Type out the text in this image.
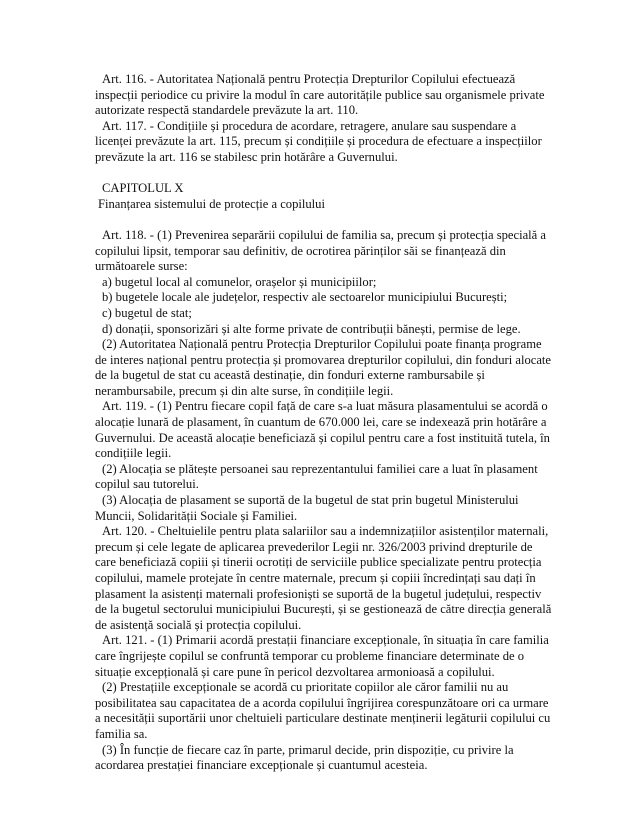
Art. 116. - Autoritatea Națională pentru Protecția Drepturilor Copilului efectuează inspecții periodice cu privire la modul în care autoritățile publice sau organismele private autorizate respectă standardele prevăzute la art. 110.

Art. 117. - Condițiile și procedura de acordare, retragere, anulare sau suspendare a licenței prevăzute la art. 115, precum și condițiile și procedura de efectuare a inspecțiilor prevăzute la art. 116 se stabilesc prin hotărâre a Guvernului.

CAPITOLUL X

Finanțarea sistemului de protecție a copilului

Art. 118. - (1) Prevenirea separării copilului de familia sa, precum și protecția specială a copilului lipsit, temporar sau definitiv, de ocrotirea părinților săi se finanțează din următoarele surse:

a) bugetul local al comunelor, orașelor și municipiilor;

b) bugetele locale ale județelor, respectiv ale sectoarelor municipiului București;

c) bugetul de stat;

d) donații, sponsorizări și alte forme private de contribuții bănești, permise de lege.

(2) Autoritatea Națională pentru Protecția Drepturilor Copilului poate finanța programe de interes național pentru protecția și promovarea drepturilor copilului, din fonduri alocate de la bugetul de stat cu această destinație, din fonduri externe rambursabile și nerambursabile, precum și din alte surse, în condițiile legii.

Art. 119. - (1) Pentru fiecare copil față de care s-a luat măsura plasamentului se acordă o alocație lunară de plasament, în cuantum de 670.000 lei, care se indexează prin hotărâre a Guvernului. De această alocație beneficiază și copilul pentru care a fost instituită tutela, în condițiile legii.

(2) Alocația se plătește persoanei sau reprezentantului familiei care a luat în plasament copilul sau tutorelui.

(3) Alocația de plasament se suportă de la bugetul de stat prin bugetul Ministerului Muncii, Solidarității Sociale și Familiei.

Art. 120. - Cheltuielile pentru plata salariilor sau a indemnizațiilor asistenților maternali, precum și cele legate de aplicarea prevederilor Legii nr. 326/2003 privind drepturile de care beneficiază copiii și tinerii ocrotiți de serviciile publice specializate pentru protecția copilului, mamele protejate în centre maternale, precum și copiii încredințați sau dați în plasament la asistenți maternali profesioniști se suportă de la bugetul județului, respectiv de la bugetul sectorului municipiului București, și se gestionează de către direcția generală de asistență socială și protecția copilului.

Art. 121. - (1) Primarii acordă prestații financiare excepționale, în situația în care familia care îngrijește copilul se confruntă temporar cu probleme financiare determinate de o situație excepțională și care pune în pericol dezvoltarea armonioasă a copilului.

(2) Prestațiile excepționale se acordă cu prioritate copiilor ale căror familii nu au posibilitatea sau capacitatea de a acorda copilului îngrijirea corespunzătoare ori ca urmare a necesității suportării unor cheltuieli particulare destinate menținerii legăturii copilului cu familia sa.

(3) În funcție de fiecare caz în parte, primarul decide, prin dispoziție, cu privire la acordarea prestației financiare excepționale și cuantumul acesteia.
